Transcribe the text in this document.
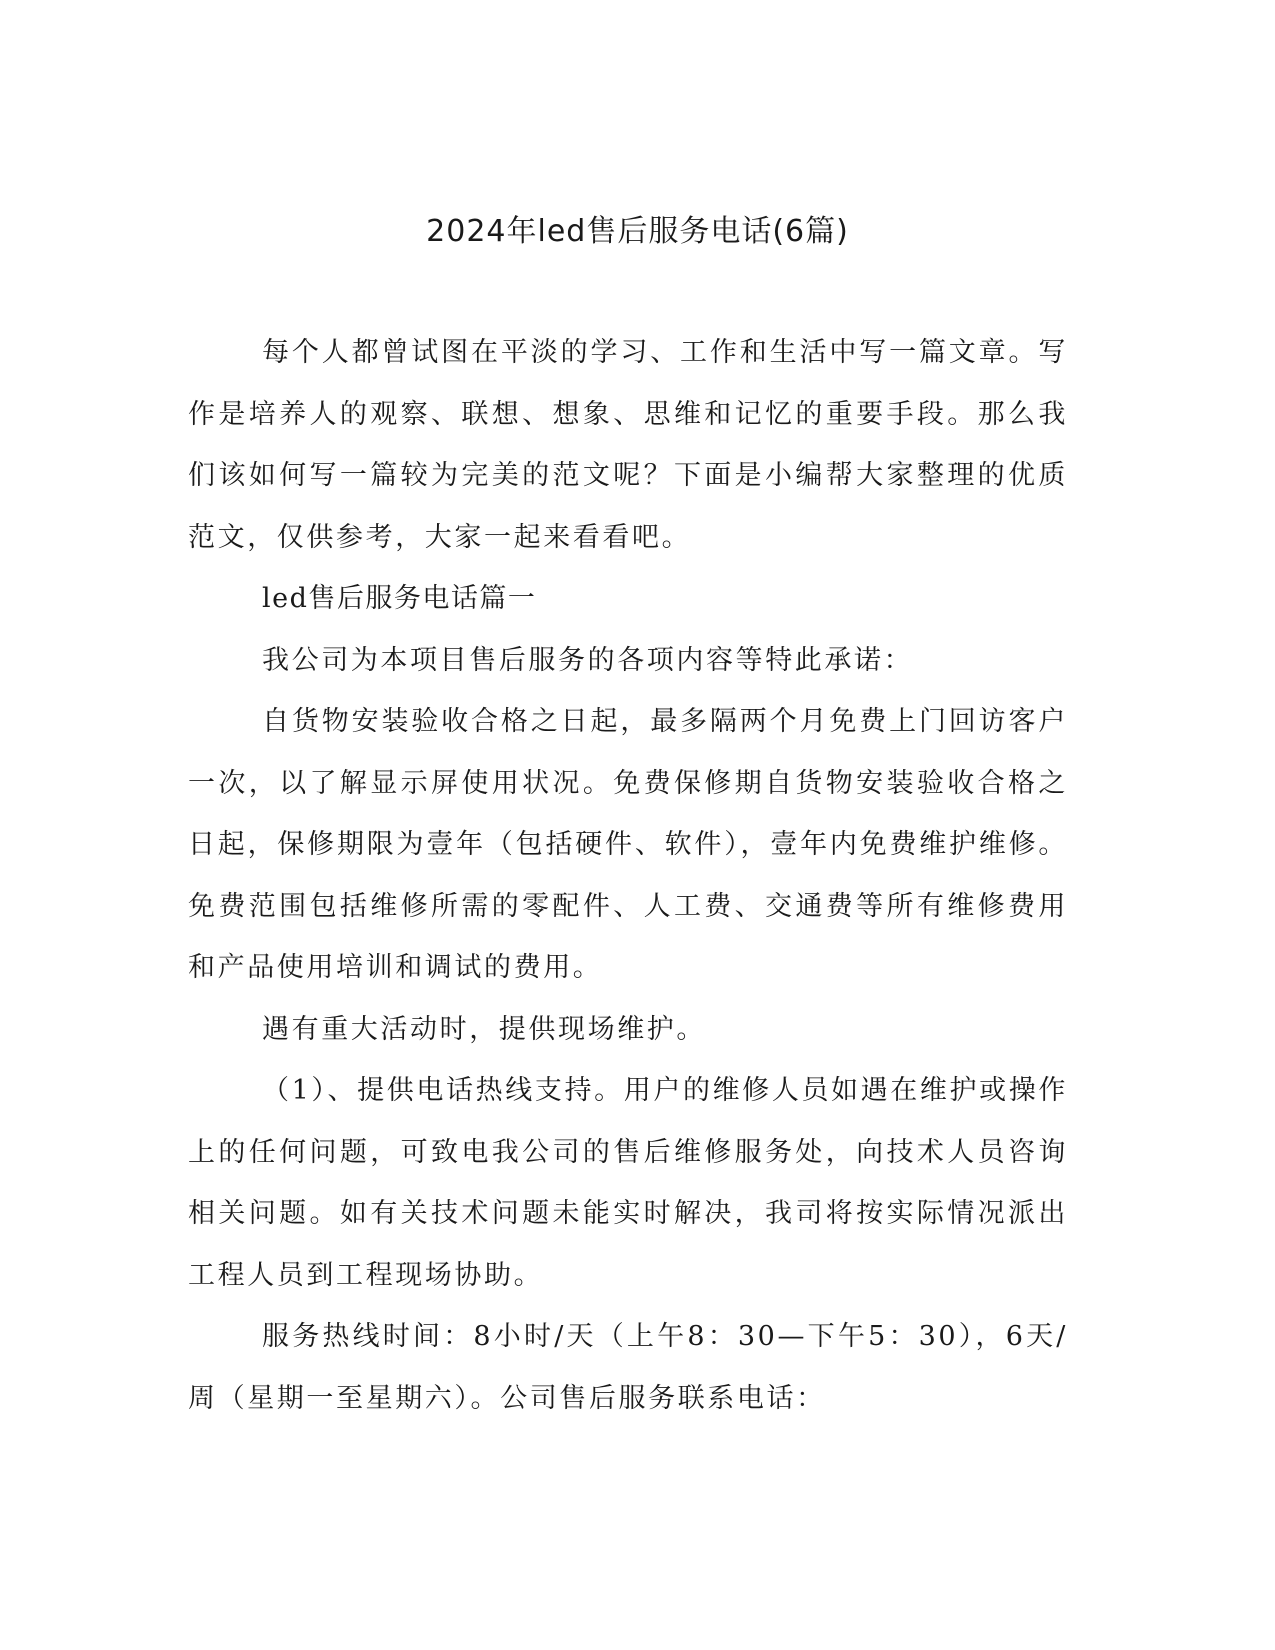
2024年led售后服务电话(6篇)

每个人都曾试图在平淡的学习、工作和生活中写一篇文章。写作是培养人的观察、联想、想象、思维和记忆的重要手段。那么我们该如何写一篇较为完美的范文呢？下面是小编帮大家整理的优质范文，仅供参考，大家一起来看看吧。

led售后服务电话篇一

我公司为本项目售后服务的各项内容等特此承诺：

自货物安装验收合格之日起，最多隔两个月免费上门回访客户一次，以了解显示屏使用状况。免费保修期自货物安装验收合格之日起，保修期限为壹年（包括硬件、软件），壹年内免费维护维修。免费范围包括维修所需的零配件、人工费、交通费等所有维修费用和产品使用培训和调试的费用。

遇有重大活动时，提供现场维护。

（1）、提供电话热线支持。用户的维修人员如遇在维护或操作上的任何问题，可致电我公司的售后维修服务处，向技术人员咨询相关问题。如有关技术问题未能实时解决，我司将按实际情况派出工程人员到工程现场协助。

服务热线时间：8小时/天（上午8：30—下午5：30），6天/周（星期一至星期六）。公司售后服务联系电话：
